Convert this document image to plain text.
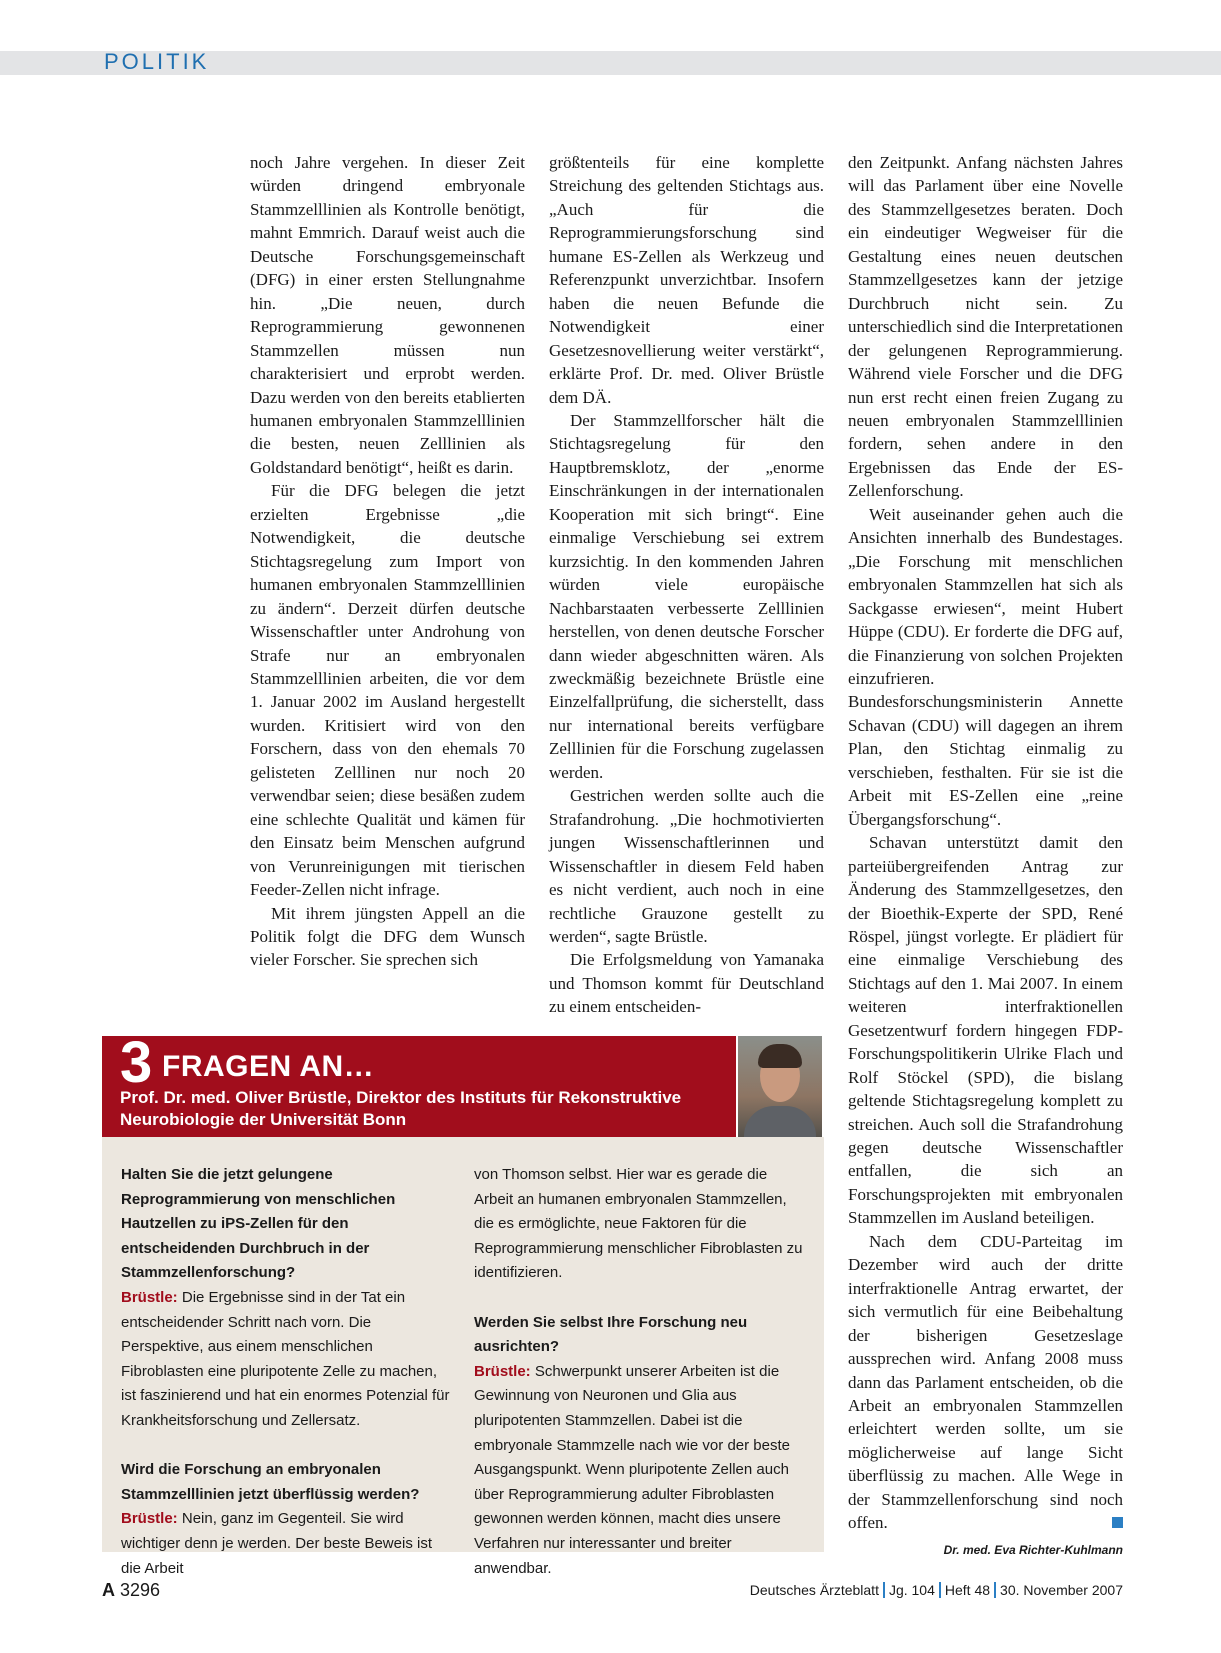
POLITIK

noch Jahre vergehen. In dieser Zeit würden dringend embryonale Stammzelllinien als Kontrolle benötigt, mahnt Emmrich. Darauf weist auch die Deutsche Forschungsgemeinschaft (DFG) in einer ersten Stellungnahme hin. „Die neuen, durch Reprogrammierung gewonnenen Stammzellen müssen nun charakterisiert und erprobt werden. Dazu werden von den bereits etablierten humanen embryonalen Stammzelllinien die besten, neuen Zelllinien als Goldstandard benötigt“, heißt es darin.

Für die DFG belegen die jetzt erzielten Ergebnisse „die Notwendigkeit, die deutsche Stichtagsregelung zum Import von humanen embryonalen Stammzelllinien zu ändern“. Derzeit dürfen deutsche Wissenschaftler unter Androhung von Strafe nur an embryonalen Stammzelllinien arbeiten, die vor dem 1. Januar 2002 im Ausland hergestellt wurden. Kritisiert wird von den Forschern, dass von den ehemals 70 gelisteten Zelllinen nur noch 20 verwendbar seien; diese besäßen zudem eine schlechte Qualität und kämen für den Einsatz beim Menschen aufgrund von Verunreinigungen mit tierischen Feeder-Zellen nicht infrage.

Mit ihrem jüngsten Appell an die Politik folgt die DFG dem Wunsch vieler Forscher. Sie sprechen sich

größtenteils für eine komplette Streichung des geltenden Stichtags aus. „Auch für die Reprogrammierungsforschung sind humane ES-Zellen als Werkzeug und Referenzpunkt unverzichtbar. Insofern haben die neuen Befunde die Notwendigkeit einer Gesetzesnovellierung weiter verstärkt“, erklärte Prof. Dr. med. Oliver Brüstle dem DÄ.

Der Stammzellforscher hält die Stichtagsregelung für den Hauptbremsklotz, der „enorme Einschränkungen in der internationalen Kooperation mit sich bringt“. Eine einmalige Verschiebung sei extrem kurzsichtig. In den kommenden Jahren würden viele europäische Nachbarstaaten verbesserte Zelllinien herstellen, von denen deutsche Forscher dann wieder abgeschnitten wären. Als zweckmäßig bezeichnete Brüstle eine Einzelfallprüfung, die sicherstellt, dass nur international bereits verfügbare Zelllinien für die Forschung zugelassen werden.

Gestrichen werden sollte auch die Strafandrohung. „Die hochmotivierten jungen Wissenschaftlerinnen und Wissenschaftler in diesem Feld haben es nicht verdient, auch noch in eine rechtliche Grauzone gestellt zu werden“, sagte Brüstle.

Die Erfolgsmeldung von Yamanaka und Thomson kommt für Deutschland zu einem entscheiden-

den Zeitpunkt. Anfang nächsten Jahres will das Parlament über eine Novelle des Stammzellgesetzes beraten. Doch ein eindeutiger Wegweiser für die Gestaltung eines neuen deutschen Stammzellgesetzes kann der jetzige Durchbruch nicht sein. Zu unterschiedlich sind die Interpretationen der gelungenen Reprogrammierung. Während viele Forscher und die DFG nun erst recht einen freien Zugang zu neuen embryonalen Stammzelllinien fordern, sehen andere in den Ergebnissen das Ende der ES-Zellenforschung.

Weit auseinander gehen auch die Ansichten innerhalb des Bundestages. „Die Forschung mit menschlichen embryonalen Stammzellen hat sich als Sackgasse erwiesen“, meint Hubert Hüppe (CDU). Er forderte die DFG auf, die Finanzierung von solchen Projekten einzufrieren. Bundesforschungsministerin Annette Schavan (CDU) will dagegen an ihrem Plan, den Stichtag einmalig zu verschieben, festhalten. Für sie ist die Arbeit mit ES-Zellen eine „reine Übergangsforschung“.

Schavan unterstützt damit den parteiübergreifenden Antrag zur Änderung des Stammzellgesetzes, den der Bioethik-Experte der SPD, René Röspel, jüngst vorlegte. Er plädiert für eine einmalige Verschiebung des Stichtags auf den 1. Mai 2007. In einem weiteren interfraktionellen Gesetzentwurf fordern hingegen FDP-Forschungspolitikerin Ulrike Flach und Rolf Stöckel (SPD), die bislang geltende Stichtagsregelung komplett zu streichen. Auch soll die Strafandrohung gegen deutsche Wissenschaftler entfallen, die sich an Forschungsprojekten mit embryonalen Stammzellen im Ausland beteiligen.

Nach dem CDU-Parteitag im Dezember wird auch der dritte interfraktionelle Antrag erwartet, der sich vermutlich für eine Beibehaltung der bisherigen Gesetzeslage aussprechen wird. Anfang 2008 muss dann das Parlament entscheiden, ob die Arbeit an embryonalen Stammzellen erleichtert werden sollte, um sie möglicherweise auf lange Sicht überflüssig zu machen. Alle Wege in der Stammzellenforschung sind noch offen.

Dr. med. Eva Richter-Kuhlmann
3 FRAGEN AN…
Prof. Dr. med. Oliver Brüstle, Direktor des Instituts für Rekonstruktive Neurobiologie der Universität Bonn

Halten Sie die jetzt gelungene Reprogrammierung von menschlichen Hautzellen zu iPS-Zellen für den entscheidenden Durchbruch in der Stammzellenforschung?

Brüstle: Die Ergebnisse sind in der Tat ein entscheidender Schritt nach vorn. Die Perspektive, aus einem menschlichen Fibroblasten eine pluripotente Zelle zu machen, ist faszinierend und hat ein enormes Potenzial für Krankheitsforschung und Zellersatz.

Wird die Forschung an embryonalen Stammzelllinien jetzt überflüssig werden?

Brüstle: Nein, ganz im Gegenteil. Sie wird wichtiger denn je werden. Der beste Beweis ist die Arbeit

von Thomson selbst. Hier war es gerade die Arbeit an humanen embryonalen Stammzellen, die es ermöglichte, neue Faktoren für die Reprogrammierung menschlicher Fibroblasten zu identifizieren.

Werden Sie selbst Ihre Forschung neu ausrichten?

Brüstle: Schwerpunkt unserer Arbeiten ist die Gewinnung von Neuronen und Glia aus pluripotenten Stammzellen. Dabei ist die embryonale Stammzelle nach wie vor der beste Ausgangspunkt. Wenn pluripotente Zellen auch über Reprogrammierung adulter Fibroblasten gewonnen werden können, macht dies unsere Verfahren nur interessanter und breiter anwendbar.

A 3296	Deutsches Ärzteblatt Jg. 104 Heft 48 30. November 2007
